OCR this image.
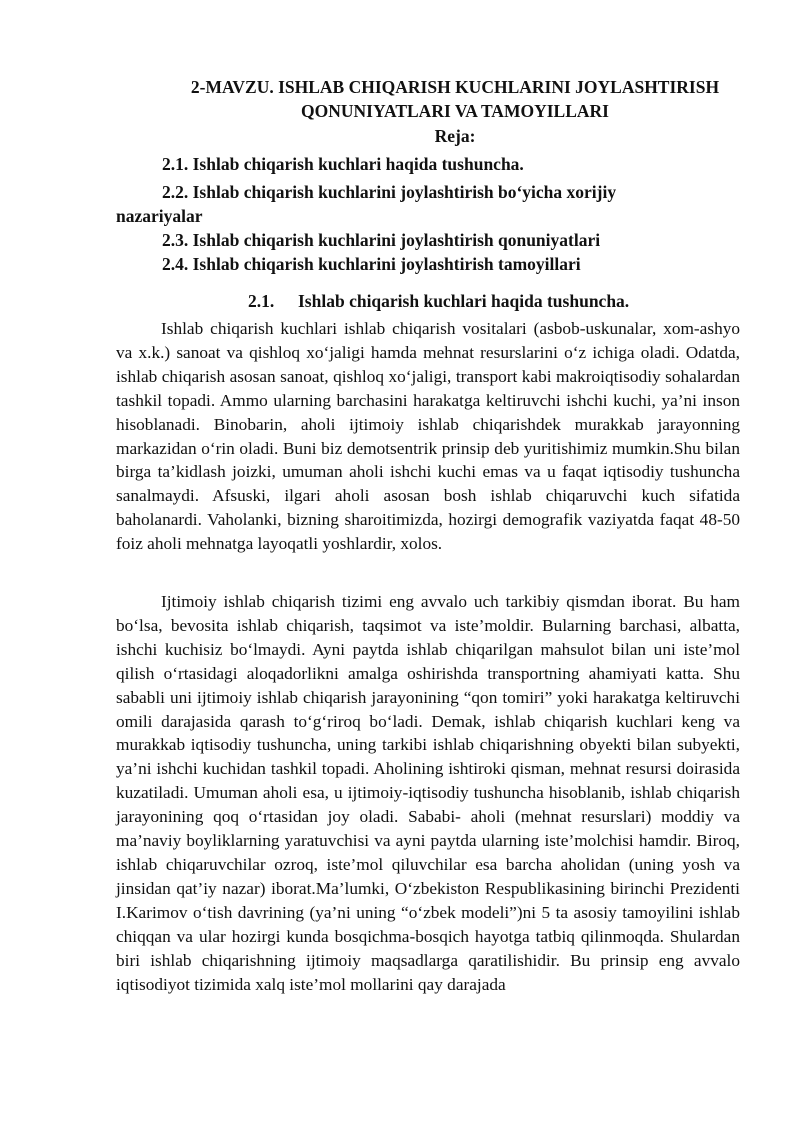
2-MAVZU. ISHLAB CHIQARISH KUCHLARINI JOYLASHTIRISH
QONUNIYATLARI VA TAMOYILLARI
Reja:
2.1. Ishlab chiqarish kuchlari haqida tushuncha.
2.2. Ishlab chiqarish kuchlarini joylashtirish bo‘yicha xorijiy
nazariyalar
2.3. Ishlab chiqarish kuchlarini joylashtirish qonuniyatlari
2.4. Ishlab chiqarish kuchlarini joylashtirish tamoyillari
2.1. Ishlab chiqarish kuchlari haqida tushuncha.

Ishlab chiqarish kuchlari ishlab chiqarish vositalari (asbob-uskunalar, xom-ashyo va x.k.) sanoat va qishloq xo‘jaligi hamda mehnat resurslarini o‘z ichiga oladi. Odatda, ishlab chiqarish asosan sanoat, qishloq xo‘jaligi, transport kabi makroiqtisodiy sohalardan tashkil topadi. Ammo ularning barchasini harakatga keltiruvchi ishchi kuchi, ya’ni inson hisoblanadi. Binobarin, aholi ijtimoiy ishlab chiqarishdek murakkab jarayonning markazidan o‘rin oladi. Buni biz demotsentrik prinsip deb yuritishimiz mumkin.Shu bilan birga ta’kidlash joizki, umuman aholi ishchi kuchi emas va u faqat iqtisodiy tushuncha sanalmaydi. Afsuski, ilgari aholi asosan bosh ishlab chiqaruvchi kuch sifatida baholanardi. Vaholanki, bizning sharoitimizda, hozirgi demografik vaziyatda faqat 48-50 foiz aholi mehnatga layoqatli yoshlardir, xolos.

Ijtimoiy ishlab chiqarish tizimi eng avvalo uch tarkibiy qismdan iborat. Bu ham bo‘lsa, bevosita ishlab chiqarish, taqsimot va iste’moldir. Bularning barchasi, albatta, ishchi kuchisiz bo‘lmaydi. Ayni paytda ishlab chiqarilgan mahsulot bilan uni iste’mol qilish o‘rtasidagi aloqadorlikni amalga oshirishda transportning ahamiyati katta. Shu sababli uni ijtimoiy ishlab chiqarish jarayonining “qon tomiri” yoki harakatga keltiruvchi omili darajasida qarash to‘g‘riroq bo‘ladi. Demak, ishlab chiqarish kuchlari keng va murakkab iqtisodiy tushuncha, uning tarkibi ishlab chiqarishning obyekti bilan subyekti, ya’ni ishchi kuchidan tashkil topadi. Aholining ishtiroki qisman, mehnat resursi doirasida kuzatiladi. Umuman aholi esa, u ijtimoiy-iqtisodiy tushuncha hisoblanib, ishlab chiqarish jarayonining qoq o‘rtasidan joy oladi. Sababi- aholi (mehnat resurslari) moddiy va ma’naviy boyliklarning yaratuvchisi va ayni paytda ularning iste’molchisi hamdir. Biroq, ishlab chiqaruvchilar ozroq, iste’mol qiluvchilar esa barcha aholidan (uning yosh va jinsidan qat’iy nazar) iborat.Ma’lumki, O‘zbekiston Respublikasining birinchi Prezidenti I.Karimov o‘tish davrining (ya’ni uning “o‘zbek modeli”)ni 5 ta asosiy tamoyilini ishlab chiqqan va ular hozirgi kunda bosqichma-bosqich hayotga tatbiq qilinmoqda. Shulardan biri ishlab chiqarishning ijtimoiy maqsadlarga qaratilishidir. Bu prinsip eng avvalo iqtisodiyot tizimida xalq iste’mol mollarini qay darajada
